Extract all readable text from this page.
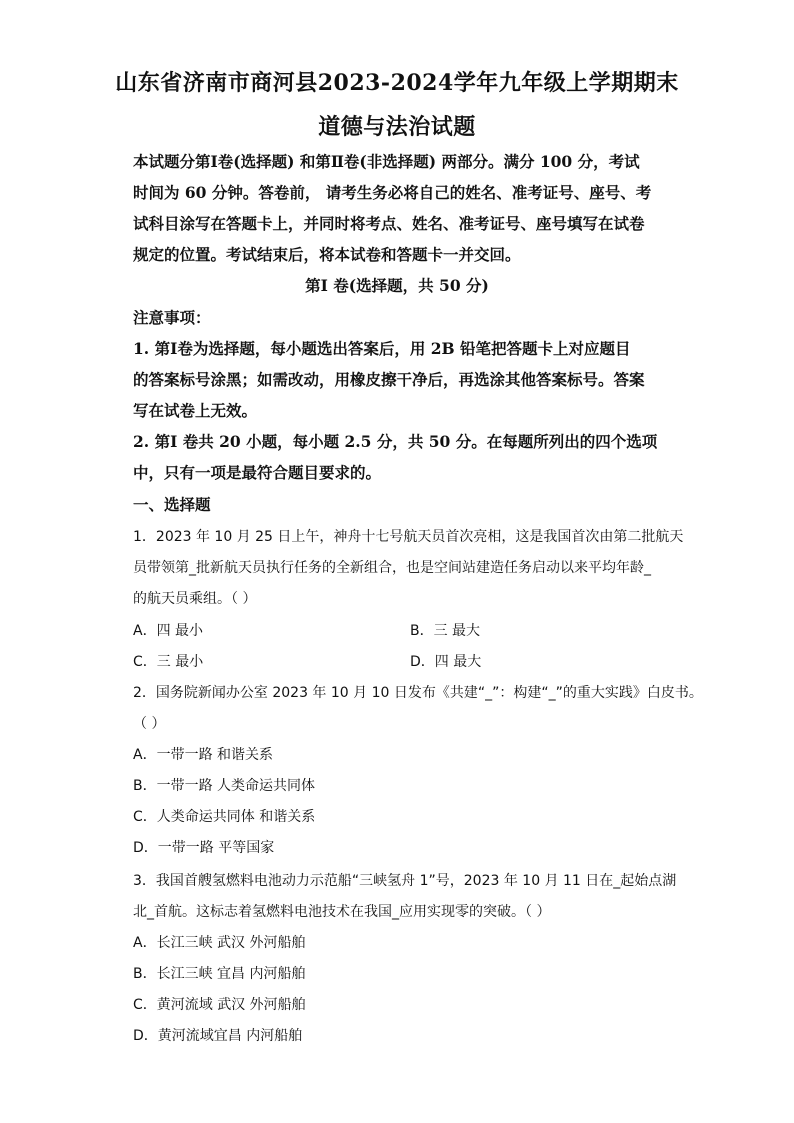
山东省济南市商河县2023-2024学年九年级上学期期末
道德与法治试题

本试题分第Ⅰ卷(选择题) 和第Ⅱ卷(非选择题) 两部分。满分 100 分，考试

时间为 60 分钟。答卷前， 请考生务必将自己的姓名、准考证号、座号、考

试科目涂写在答题卡上，并同时将考点、姓名、准考证号、座号填写在试卷

规定的位置。考试结束后，将本试卷和答题卡一并交回。

第Ⅰ 卷(选择题，共 50 分)

注意事项：

1. 第Ⅰ卷为选择题，每小题选出答案后，用 2B 铅笔把答题卡上对应题目

的答案标号涂黑；如需改动，用橡皮擦干净后，再选涂其他答案标号。答案

写在试卷上无效。

2. 第Ⅰ 卷共 20 小题，每小题 2.5 分，共 50 分。在每题所列出的四个选项

中，只有一项是最符合题目要求的。

一、选择题

1．2023 年 10 月 25 日上午，神舟十七号航天员首次亮相，这是我国首次由第二批航天

员带领第_批新航天员执行任务的全新组合，也是空间站建造任务启动以来平均年龄_

的航天员乘组。（ ）

A．四 最小	B．三 最大

C．三 最小	D．四 最大

2．国务院新闻办公室 2023 年 10 月 10 日发布《共建“_”：构建“_”的重大实践》白皮书。

（ ）

A．一带一路 和谐关系

B．一带一路 人类命运共同体

C．人类命运共同体 和谐关系

D．一带一路 平等国家

3．我国首艘氢燃料电池动力示范船“三峡氢舟 1”号，2023 年 10 月 11 日在_起始点湖

北_首航。这标志着氢燃料电池技术在我国_应用实现零的突破。（ ）

A．长江三峡 武汉 外河船舶

B．长江三峡 宜昌 内河船舶

C．黄河流域 武汉 外河船舶

D．黄河流域宜昌 内河船舶
